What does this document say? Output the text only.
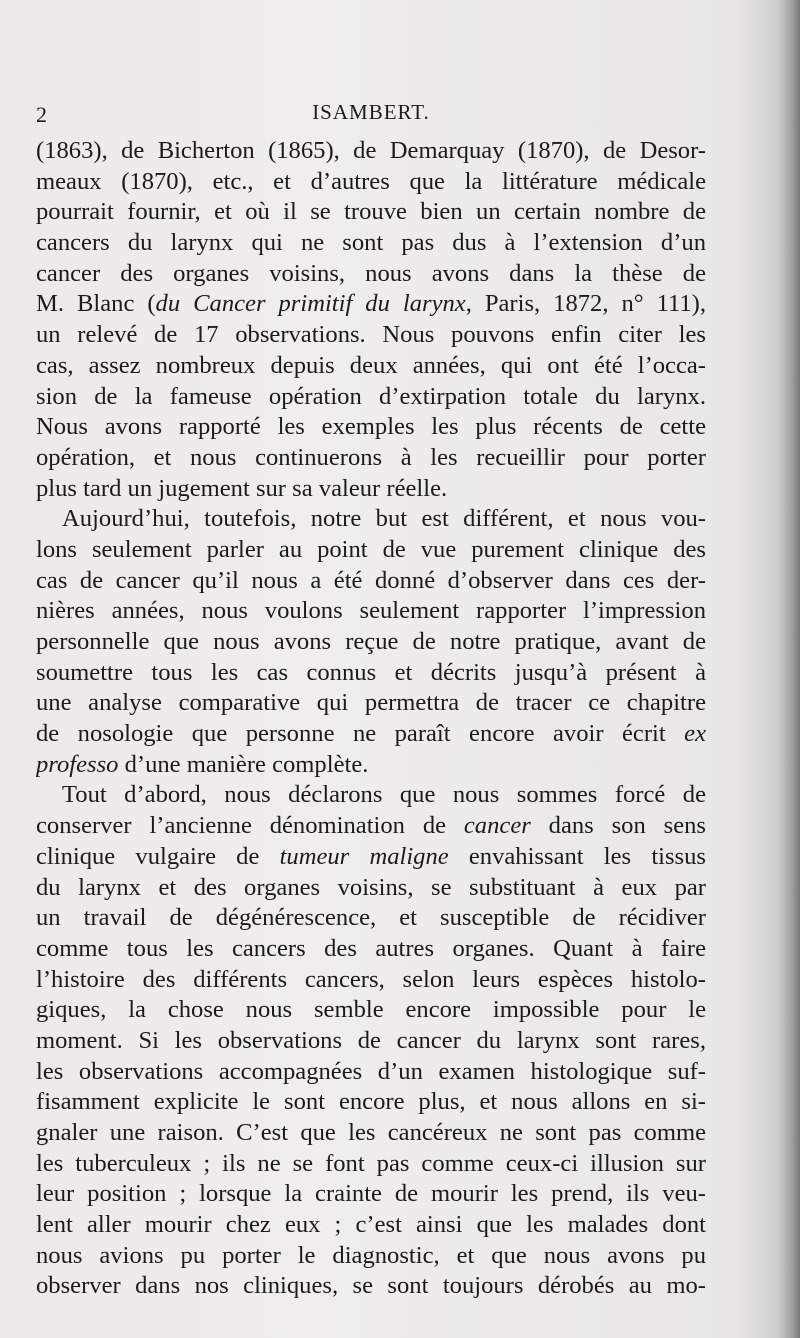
2	ISAMBERT.
(1863), de Bicherton (1865), de Demarquay (1870), de Desor-
meaux (1870), etc., et d’autres que la littérature médicale
pourrait fournir, et où il se trouve bien un certain nombre de
cancers du larynx qui ne sont pas dus à l’extension d’un
cancer des organes voisins, nous avons dans la thèse de
M. Blanc (du Cancer primitif du larynx, Paris, 1872, n° 111),
un relevé de 17 observations. Nous pouvons enfin citer les
cas, assez nombreux depuis deux années, qui ont été l’occa-
sion de la fameuse opération d’extirpation totale du larynx.
Nous avons rapporté les exemples les plus récents de cette
opération, et nous continuerons à les recueillir pour porter
plus tard un jugement sur sa valeur réelle.
Aujourd’hui, toutefois, notre but est différent, et nous vou-
lons seulement parler au point de vue purement clinique des
cas de cancer qu’il nous a été donné d’observer dans ces der-
nières années, nous voulons seulement rapporter l’impression
personnelle que nous avons reçue de notre pratique, avant de
soumettre tous les cas connus et décrits jusqu’à présent à
une analyse comparative qui permettra de tracer ce chapitre
de nosologie que personne ne paraît encore avoir écrit ex
professo d’une manière complète.
Tout d’abord, nous déclarons que nous sommes forcé de
conserver l’ancienne dénomination de cancer dans son sens
clinique vulgaire de tumeur maligne envahissant les tissus
du larynx et des organes voisins, se substituant à eux par
un travail de dégénérescence, et susceptible de récidiver
comme tous les cancers des autres organes. Quant à faire
l’histoire des différents cancers, selon leurs espèces histolo-
giques, la chose nous semble encore impossible pour le
moment. Si les observations de cancer du larynx sont rares,
les observations accompagnées d’un examen histologique suf-
fisamment explicite le sont encore plus, et nous allons en si-
gnaler une raison. C’est que les cancéreux ne sont pas comme
les tuberculeux ; ils ne se font pas comme ceux-ci illusion sur
leur position ; lorsque la crainte de mourir les prend, ils veu-
lent aller mourir chez eux ; c’est ainsi que les malades dont
nous avions pu porter le diagnostic, et que nous avons pu
observer dans nos cliniques, se sont toujours dérobés au mo-
